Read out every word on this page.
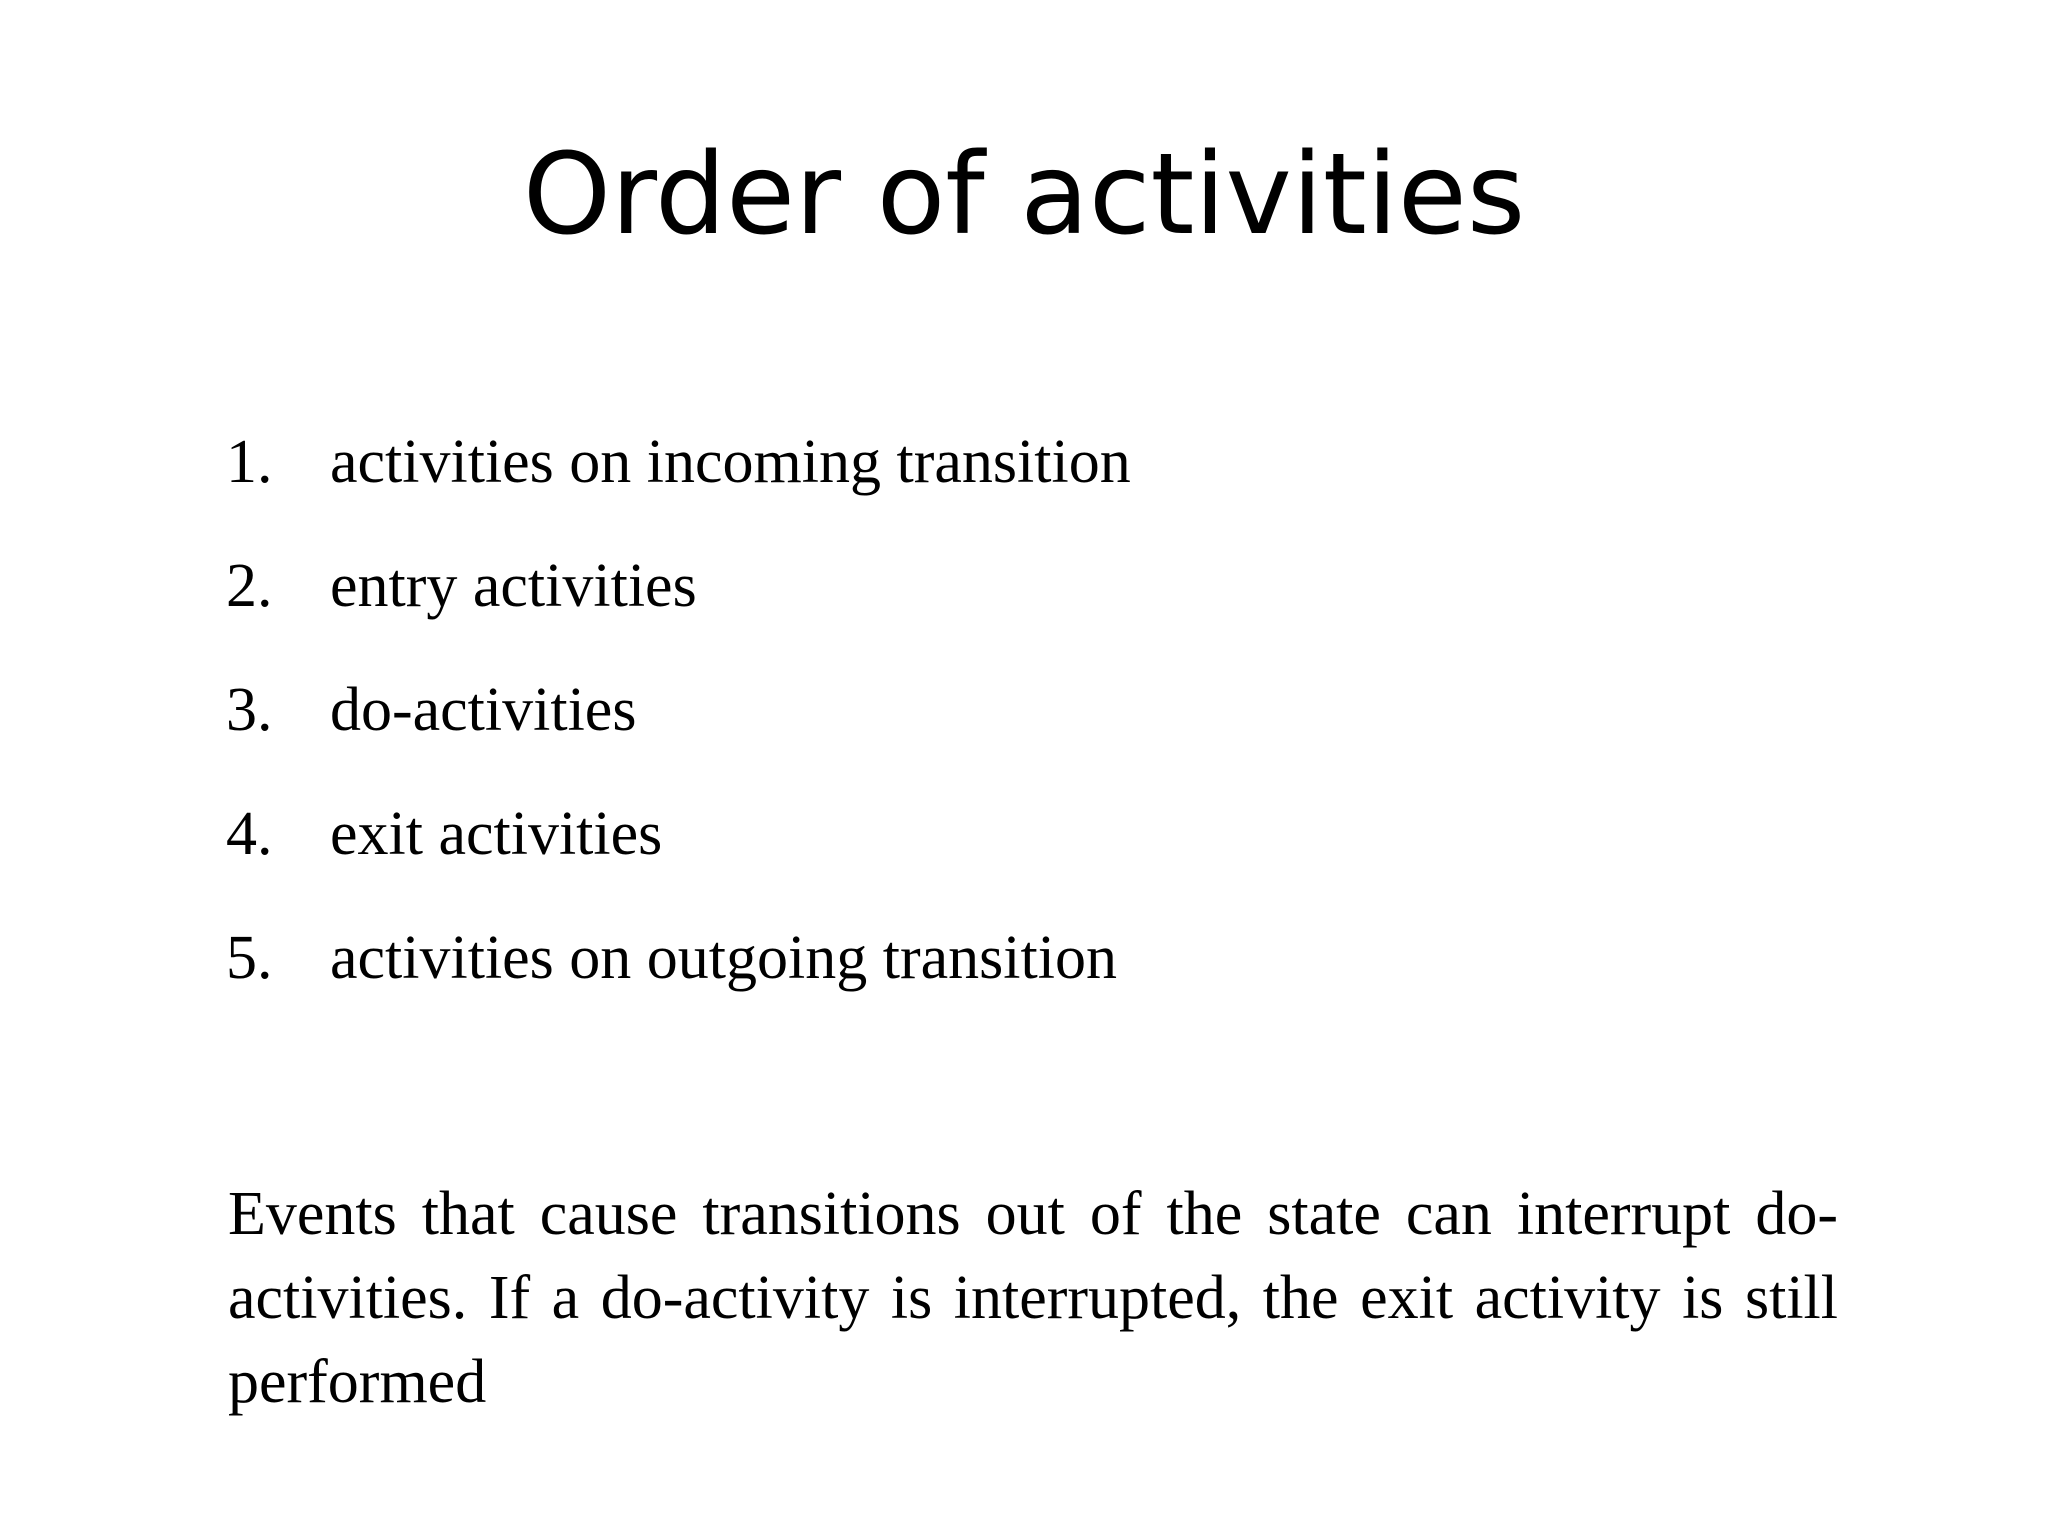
Order of activities
1. activities on incoming transition
2. entry activities
3. do-activities
4. exit activities
5. activities on outgoing transition

Events that cause transitions out of the state can interrupt do-activities. If a do-activity is interrupted, the exit activity is still performed
